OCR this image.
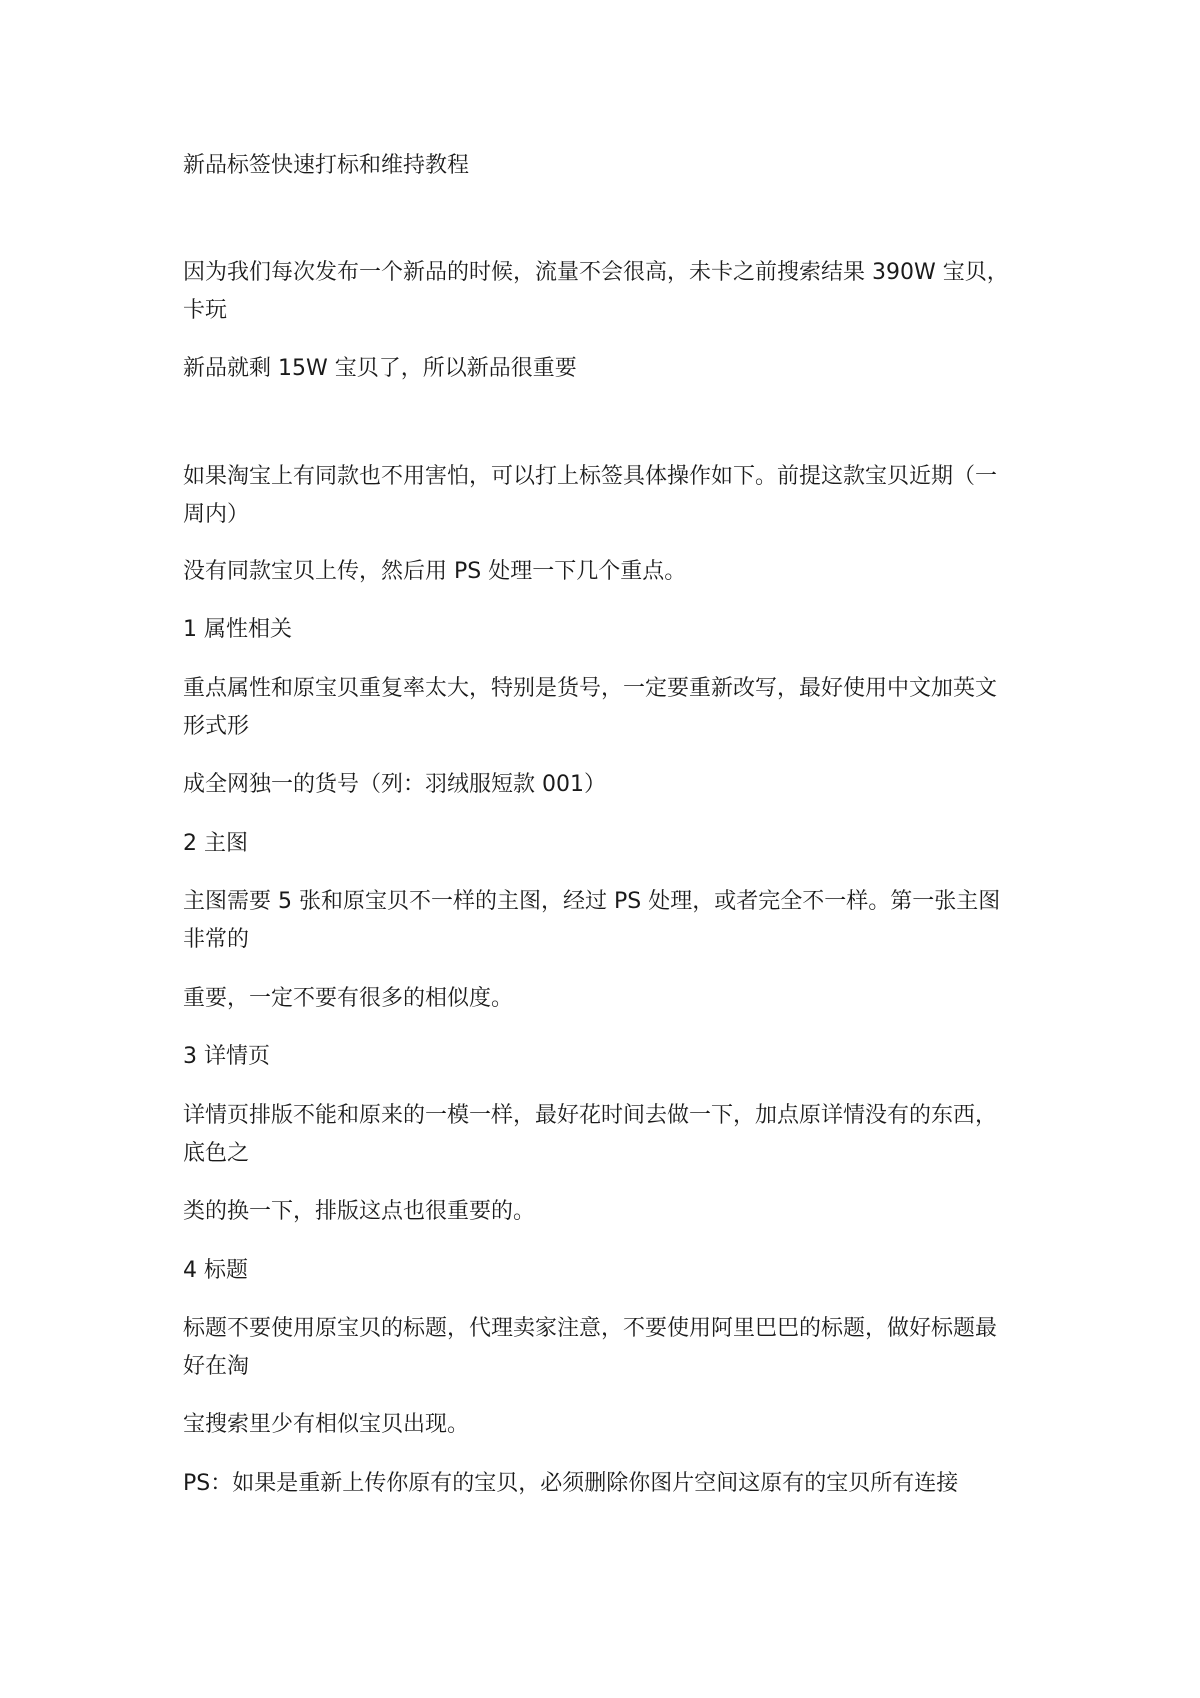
新品标签快速打标和维持教程
因为我们每次发布一个新品的时候，流量不会很高，未卡之前搜索结果 390W 宝贝，
卡玩
新品就剩 15W 宝贝了，所以新品很重要
如果淘宝上有同款也不用害怕，可以打上标签具体操作如下。前提这款宝贝近期（一
周内）
没有同款宝贝上传，然后用 PS 处理一下几个重点。
1 属性相关
重点属性和原宝贝重复率太大，特别是货号，一定要重新改写，最好使用中文加英文
形式形
成全网独一的货号（列：羽绒服短款 001）
2 主图
主图需要 5 张和原宝贝不一样的主图，经过 PS 处理，或者完全不一样。第一张主图
非常的
重要，一定不要有很多的相似度。
3 详情页
详情页排版不能和原来的一模一样，最好花时间去做一下，加点原详情没有的东西，
底色之
类的换一下，排版这点也很重要的。
4 标题
标题不要使用原宝贝的标题，代理卖家注意，不要使用阿里巴巴的标题，做好标题最
好在淘
宝搜索里少有相似宝贝出现。
PS：如果是重新上传你原有的宝贝，必须删除你图片空间这原有的宝贝所有连接
